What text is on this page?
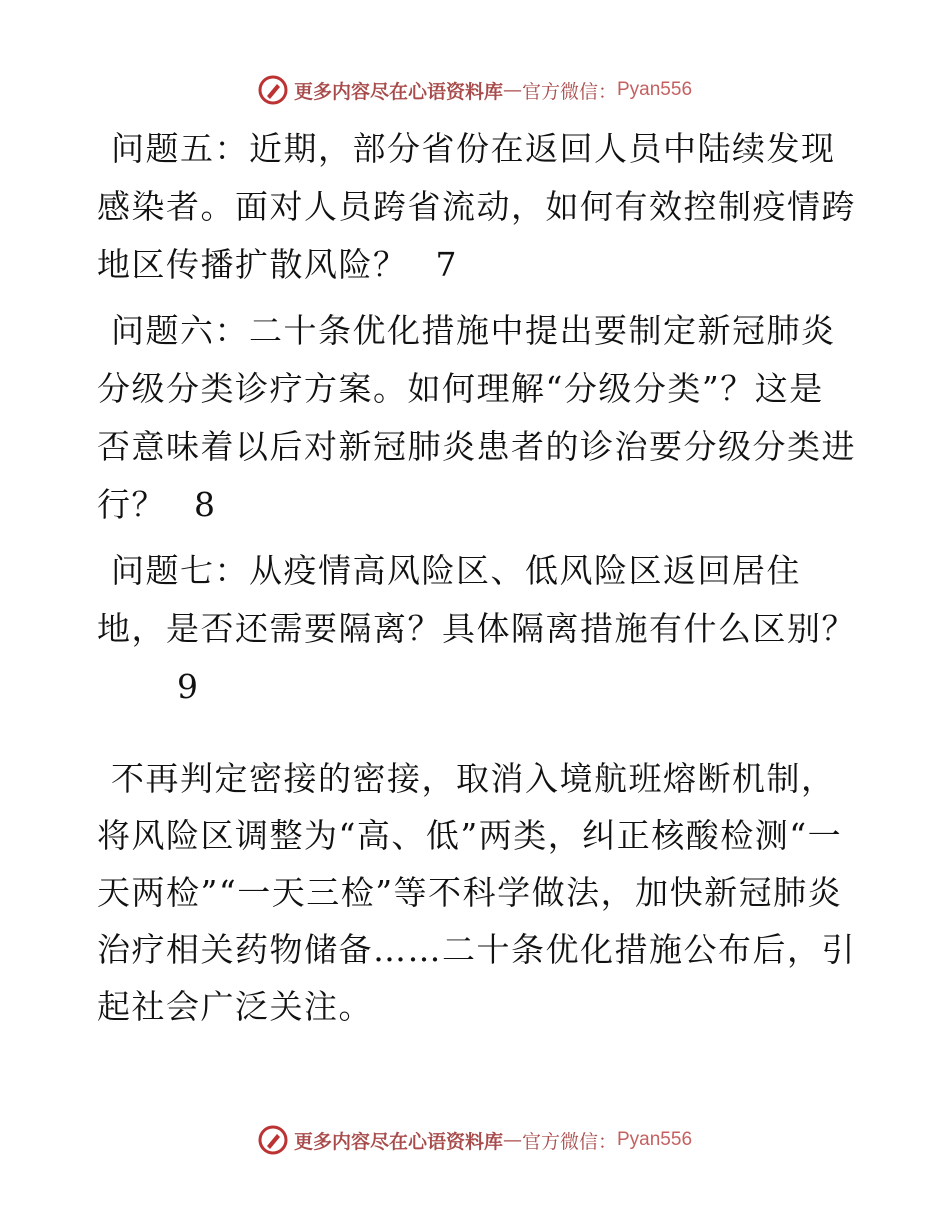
更多内容尽在心语资料库 — 官方微信： Pyan556
问题五：近期，部分省份在返回人员中陆续发现感染者。面对人员跨省流动，如何有效控制疫情跨地区传播扩散风险？ 7
问题六：二十条优化措施中提出要制定新冠肺炎分级分类诊疗方案。如何理解“分级分类”？这是否意味着以后对新冠肺炎患者的诊治要分级分类进行？ 8
问题七：从疫情高风险区、低风险区返回居住地，是否还需要隔离？具体隔离措施有什么区别？
9
不再判定密接的密接，取消入境航班熔断机制，将风险区调整为“高、低”两类，纠正核酸检测“一天两检”“一天三检”等不科学做法，加快新冠肺炎治疗相关药物储备……二十条优化措施公布后，引起社会广泛关注。
更多内容尽在心语资料库 — 官方微信： Pyan556
